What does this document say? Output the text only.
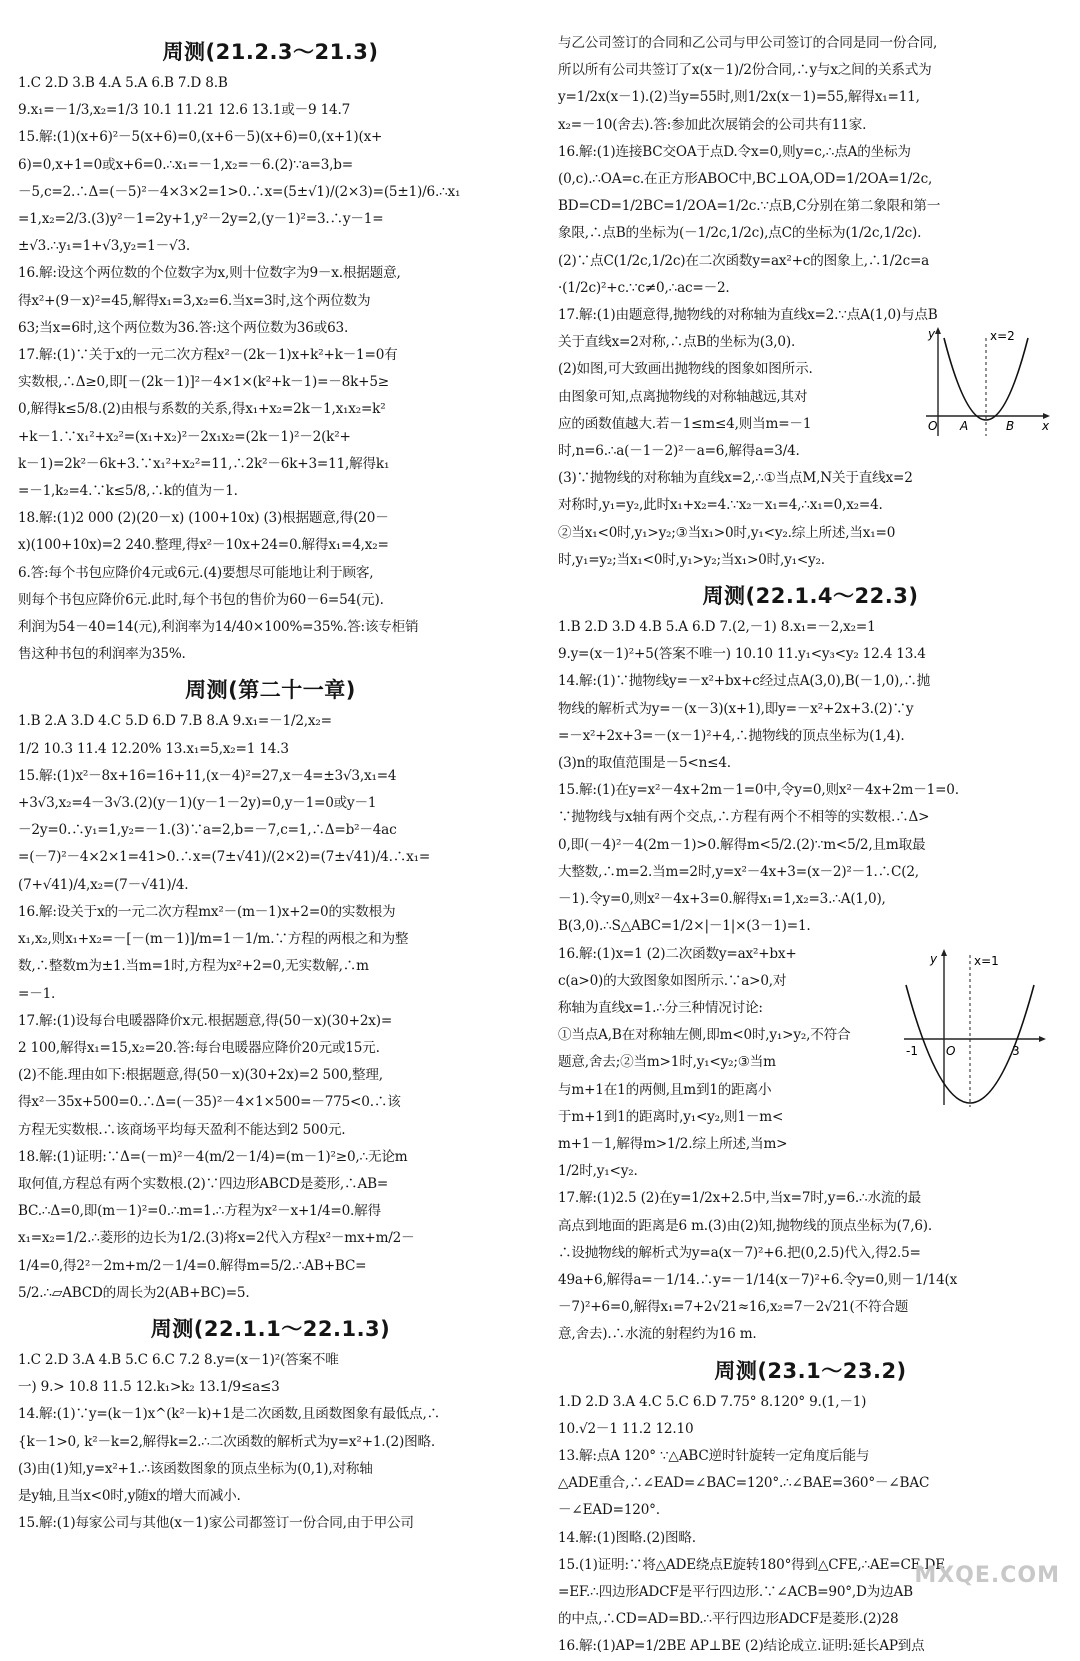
周测(21.2.3～21.3)
1.C 2.D 3.B 4.A 5.A 6.B 7.D 8.B
9.x₁=－1/3,x₂=1/3 10.1 11.21 12.6 13.1或－9 14.7
15.解:(1)(x+6)²－5(x+6)=0,(x+6－5)(x+6)=0,(x+1)(x+
6)=0,x+1=0或x+6=0.∴x₁=－1,x₂=－6.(2)∵a=3,b=
－5,c=2.∴Δ=(－5)²－4×3×2=1>0.∴x=(5±√1)/(2×3)=(5±1)/6.∴x₁
=1,x₂=2/3.(3)y²－1=2y+1,y²－2y=2,(y－1)²=3.∴y－1=
±√3.∴y₁=1+√3,y₂=1－√3.
16.解:设这个两位数的个位数字为x,则十位数字为9－x.根据题意,
得x²+(9－x)²=45,解得x₁=3,x₂=6.当x=3时,这个两位数为
63;当x=6时,这个两位数为36.答:这个两位数为36或63.
17.解:(1)∵关于x的一元二次方程x²－(2k－1)x+k²+k－1=0有
实数根,∴Δ≥0,即[－(2k－1)]²－4×1×(k²+k－1)=－8k+5≥
0,解得k≤5/8.(2)由根与系数的关系,得x₁+x₂=2k－1,x₁x₂=k²
+k－1.∵x₁²+x₂²=(x₁+x₂)²－2x₁x₂=(2k－1)²－2(k²+
k－1)=2k²－6k+3.∵x₁²+x₂²=11,∴2k²－6k+3=11,解得k₁
=－1,k₂=4.∵k≤5/8,∴k的值为－1.
18.解:(1)2 000 (2)(20－x) (100+10x) (3)根据题意,得(20－
x)(100+10x)=2 240.整理,得x²－10x+24=0.解得x₁=4,x₂=
6.答:每个书包应降价4元或6元.(4)要想尽可能地让利于顾客,
则每个书包应降价6元.此时,每个书包的售价为60－6=54(元).
利润为54－40=14(元),利润率为14/40×100%=35%.答:该专柜销
售这种书包的利润率为35%.
周测(第二十一章)
1.B 2.A 3.D 4.C 5.D 6.D 7.B 8.A 9.x₁=－1/2,x₂=
1/2 10.3 11.4 12.20% 13.x₁=5,x₂=1 14.3
15.解:(1)x²－8x+16=16+11,(x－4)²=27,x－4=±3√3,x₁=4
+3√3,x₂=4－3√3.(2)(y－1)(y－1－2y)=0,y－1=0或y－1
－2y=0.∴y₁=1,y₂=－1.(3)∵a=2,b=－7,c=1,∴Δ=b²－4ac
=(－7)²－4×2×1=41>0.∴x=(7±√41)/(2×2)=(7±√41)/4.∴x₁=
(7+√41)/4,x₂=(7－√41)/4.
16.解:设关于x的一元二次方程mx²－(m－1)x+2=0的实数根为
x₁,x₂,则x₁+x₂=－[－(m－1)]/m=1－1/m.∵方程的两根之和为整
数,∴整数m为±1.当m=1时,方程为x²+2=0,无实数解,∴m
=－1.
17.解:(1)设每台电暖器降价x元.根据题意,得(50－x)(30+2x)=
2 100,解得x₁=15,x₂=20.答:每台电暖器应降价20元或15元.
(2)不能.理由如下:根据题意,得(50－x)(30+2x)=2 500,整理,
得x²－35x+500=0.∴Δ=(－35)²－4×1×500=－775<0.∴该
方程无实数根.∴该商场平均每天盈利不能达到2 500元.
18.解:(1)证明:∵Δ=(－m)²－4(m/2－1/4)=(m－1)²≥0,∴无论m
取何值,方程总有两个实数根.(2)∵四边形ABCD是菱形,∴AB=
BC.∴Δ=0,即(m－1)²=0.∴m=1.∴方程为x²－x+1/4=0.解得
x₁=x₂=1/2.∴菱形的边长为1/2.(3)将x=2代入方程x²－mx+m/2－
1/4=0,得2²－2m+m/2－1/4=0.解得m=5/2.∴AB+BC=
5/2.∴▱ABCD的周长为2(AB+BC)=5.
周测(22.1.1～22.1.3)
1.C 2.D 3.A 4.B 5.C 6.C 7.2 8.y=(x－1)²(答案不唯
一) 9.> 10.8 11.5 12.k₁>k₂ 13.1/9≤a≤3
14.解:(1)∵y=(k－1)x^(k²－k)+1是二次函数,且函数图象有最低点,∴
{k－1>0, k²－k=2,解得k=2.∴二次函数的解析式为y=x²+1.(2)图略.
(3)由(1)知,y=x²+1.∴该函数图象的顶点坐标为(0,1),对称轴
是y轴,且当x<0时,y随x的增大而减小.
15.解:(1)每家公司与其他(x－1)家公司都签订一份合同,由于甲公司
与乙公司签订的合同和乙公司与甲公司签订的合同是同一份合同,
所以所有公司共签订了x(x－1)/2份合同,∴y与x之间的关系式为
y=1/2x(x－1).(2)当y=55时,则1/2x(x－1)=55,解得x₁=11,
x₂=－10(舍去).答:参加此次展销会的公司共有11家.
16.解:(1)连接BC交OA于点D.令x=0,则y=c,∴点A的坐标为
(0,c).∴OA=c.在正方形ABOC中,BC⊥OA,OD=1/2OA=1/2c,
BD=CD=1/2BC=1/2OA=1/2c.∵点B,C分别在第二象限和第一
象限,∴点B的坐标为(－1/2c,1/2c),点C的坐标为(1/2c,1/2c).
(2)∵点C(1/2c,1/2c)在二次函数y=ax²+c的图象上,∴1/2c=a
·(1/2c)²+c.∵c≠0,∴ac=－2.
17.解:(1)由题意得,抛物线的对称轴为直线x=2.∵点A(1,0)与点B
关于直线x=2对称,∴点B的坐标为(3,0).
(2)如图,可大致画出抛物线的图象如图所示.
由图象可知,点离抛物线的对称轴越远,其对
应的函数值越大.若－1≤m≤4,则当m=－1
时,n=6.∴a(－1－2)²－a=6,解得a=3/4.
(3)∵抛物线的对称轴为直线x=2,∴①当点M,N关于直线x=2
对称时,y₁=y₂,此时x₁+x₂=4.∵x₂－x₁=4,∴x₁=0,x₂=4.
②当x₁<0时,y₁>y₂;③当x₁>0时,y₁<y₂.综上所述,当x₁=0
时,y₁=y₂;当x₁<0时,y₁>y₂;当x₁>0时,y₁<y₂.
y	x=2
O A	B x
周测(22.1.4～22.3)
1.B 2.D 3.D 4.B 5.A 6.D 7.(2,－1) 8.x₁=－2,x₂=1
9.y=(x－1)²+5(答案不唯一) 10.10 11.y₁<y₃<y₂ 12.4 13.4
14.解:(1)∵抛物线y=－x²+bx+c经过点A(3,0),B(－1,0),∴抛
物线的解析式为y=－(x－3)(x+1),即y=－x²+2x+3.(2)∵y
=－x²+2x+3=－(x－1)²+4,∴抛物线的顶点坐标为(1,4).
(3)n的取值范围是－5<n≤4.
15.解:(1)在y=x²－4x+2m－1=0中,令y=0,则x²－4x+2m－1=0.
∵抛物线与x轴有两个交点,∴方程有两个不相等的实数根.∴Δ>
0,即(－4)²－4(2m－1)>0.解得m<5/2.(2)∵m<5/2,且m取最
大整数,∴m=2.当m=2时,y=x²－4x+3=(x－2)²－1.∴C(2,
－1).令y=0,则x²－4x+3=0.解得x₁=1,x₂=3.∴A(1,0),
B(3,0).∴S△ABC=1/2×|－1|×(3－1)=1.
16.解:(1)x=1 (2)二次函数y=ax²+bx+
c(a>0)的大致图象如图所示.∵a>0,对
称轴为直线x=1.∴分三种情况讨论:
①当点A,B在对称轴左侧,即m<0时,y₁>y₂,不符合
题意,舍去;②当m>1时,y₁<y₂;③当m
与m+1在1的两侧,且m到1的距离小
于m+1到1的距离时,y₁<y₂,则1－m<
m+1－1,解得m>1/2.综上所述,当m>
1/2时,y₁<y₂.
y	x=1
-1 O	3
17.解:(1)2.5 (2)在y=1/2x+2.5中,当x=7时,y=6.∴水流的最
高点到地面的距离是6 m.(3)由(2)知,抛物线的顶点坐标为(7,6).
∴设抛物线的解析式为y=a(x－7)²+6.把(0,2.5)代入,得2.5=
49a+6,解得a=－1/14.∴y=－1/14(x－7)²+6.令y=0,则－1/14(x
－7)²+6=0,解得x₁=7+2√21≈16,x₂=7－2√21(不符合题
意,舍去).∴水流的射程约为16 m.
周测(23.1～23.2)
1.D 2.D 3.A 4.C 5.C 6.D 7.75° 8.120° 9.(1,－1)
10.√2－1 11.2 12.10
13.解:点A 120° ∵△ABC逆时针旋转一定角度后能与
△ADE重合,∴∠EAD=∠BAC=120°.∴∠BAE=360°－∠BAC
－∠EAD=120°.
14.解:(1)图略.(2)图略.
15.(1)证明:∵将△ADE绕点E旋转180°得到△CFE,∴AE=CE,DE
=EF.∴四边形ADCF是平行四边形.∵∠ACB=90°,D为边AB
的中点,∴CD=AD=BD.∴平行四边形ADCF是菱形.(2)28
16.解:(1)AP=1/2BE AP⊥BE (2)结论成立.证明:延长AP到点
MXQE.COM
